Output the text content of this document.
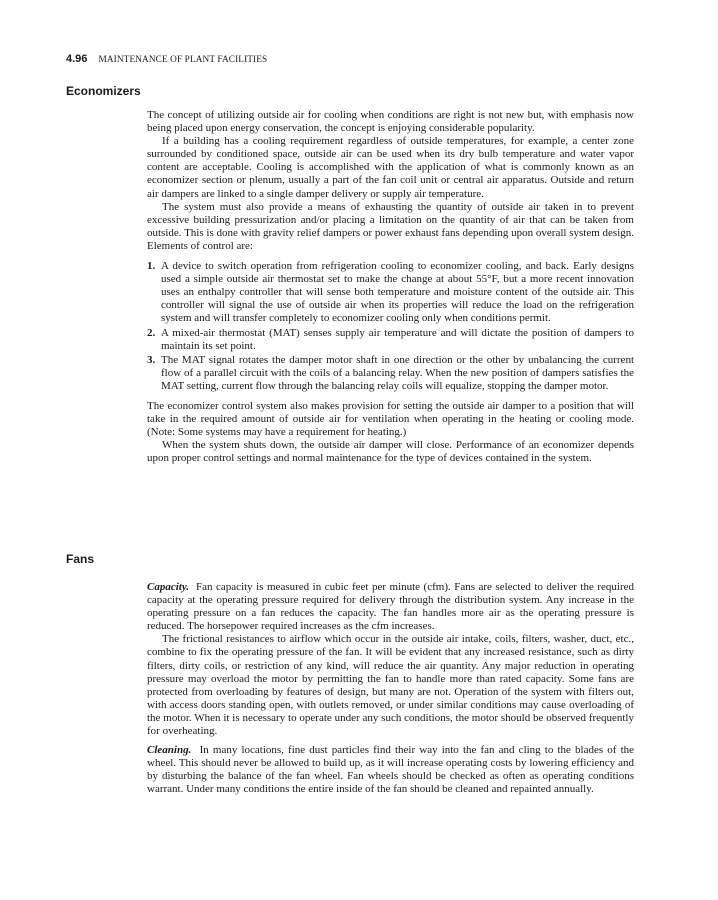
4.96 MAINTENANCE OF PLANT FACILITIES
Economizers

The concept of utilizing outside air for cooling when conditions are right is not new but, with emphasis now being placed upon energy conservation, the concept is enjoying considerable popularity.

If a building has a cooling requirement regardless of outside temperatures, for example, a center zone surrounded by conditioned space, outside air can be used when its dry bulb temperature and water vapor content are acceptable. Cooling is accomplished with the application of what is commonly known as an economizer section or plenum, usually a part of the fan coil unit or central air apparatus. Outside and return air dampers are linked to a single damper delivery or supply air temperature.

The system must also provide a means of exhausting the quantity of outside air taken in to prevent excessive building pressurization and/or placing a limitation on the quantity of air that can be taken from outside. This is done with gravity relief dampers or power exhaust fans depending upon overall system design. Elements of control are:

1. A device to switch operation from refrigeration cooling to economizer cooling, and back. Early designs used a simple outside air thermostat set to make the change at about 55°F, but a more recent innovation uses an enthalpy controller that will sense both temperature and moisture content of the outside air. This controller will signal the use of outside air when its properties will reduce the load on the refrigeration system and will transfer completely to economizer cooling only when conditions permit.
2. A mixed-air thermostat (MAT) senses supply air temperature and will dictate the position of dampers to maintain its set point.
3. The MAT signal rotates the damper motor shaft in one direction or the other by unbalancing the current flow of a parallel circuit with the coils of a balancing relay. When the new position of dampers satisfies the MAT setting, current flow through the balancing relay coils will equalize, stopping the damper motor.

The economizer control system also makes provision for setting the outside air damper to a position that will take in the required amount of outside air for ventilation when operating in the heating or cooling mode. (Note: Some systems may have a requirement for heating.)

When the system shuts down, the outside air damper will close. Performance of an economizer depends upon proper control settings and normal maintenance for the type of devices contained in the system.

Fans

Capacity. Fan capacity is measured in cubic feet per minute (cfm). Fans are selected to deliver the required capacity at the operating pressure required for delivery through the distribution system. Any increase in the operating pressure on a fan reduces the capacity. The fan handles more air as the operating pressure is reduced. The horsepower required increases as the cfm increases.

The frictional resistances to airflow which occur in the outside air intake, coils, filters, washer, duct, etc., combine to fix the operating pressure of the fan. It will be evident that any increased resistance, such as dirty filters, dirty coils, or restriction of any kind, will reduce the air quantity. Any major reduction in operating pressure may overload the motor by permitting the fan to handle more than rated capacity. Some fans are protected from overloading by features of design, but many are not. Operation of the system with filters out, with access doors standing open, with outlets removed, or under similar conditions may cause overloading of the motor. When it is necessary to operate under any such conditions, the motor should be observed frequently for overheating.

Cleaning. In many locations, fine dust particles find their way into the fan and cling to the blades of the wheel. This should never be allowed to build up, as it will increase operating costs by lowering efficiency and by disturbing the balance of the fan wheel. Fan wheels should be checked as often as operating conditions warrant. Under many conditions the entire inside of the fan should be cleaned and repainted annually.
